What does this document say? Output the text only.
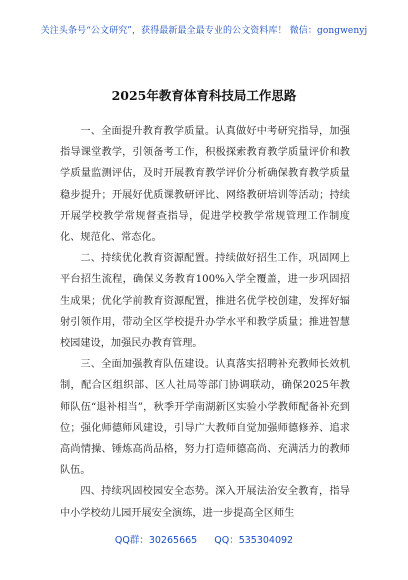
关注头条号“公文研究”，获得最新最全最专业的公文资料库！ 微信：gongwenyj
2025年教育体育科技局工作思路

一、全面提升教育教学质量。认真做好中考研究指导，加强指导课堂教学，引领备考工作，积极探索教育教学质量评价和教学质量监测评估，及时开展教育教学评价分析确保教育教学质量稳步提升；开展好优质课教研评比、网络教研培训等活动；持续开展学校教学常规督查指导，促进学校教学常规管理工作制度化、规范化、常态化。

二、持续优化教育资源配置。持续做好招生工作，巩固网上平台招生流程，确保义务教育100%入学全覆盖，进一步巩固招生成果；优化学前教育资源配置，推进名优学校创建，发挥好辐射引领作用，带动全区学校提升办学水平和教学质量；推进智慧校园建设，加强民办教育管理。

三、全面加强教育队伍建设。认真落实招聘补充教师长效机制，配合区组织部、区人社局等部门协调联动，确保2025年教师队伍“退补相当”，秋季开学南湖新区实验小学教师配备补充到位；强化师德师风建设，引导广大教师自觉加强师德修养、追求高尚情操、锤炼高尚品格，努力打造师德高尚、充满活力的教师队伍。

四、持续巩固校园安全态势。深入开展法治安全教育，指导中小学校幼儿园开展安全演练，进一步提高全区师生

QQ群：30265665 QQ：535304092
